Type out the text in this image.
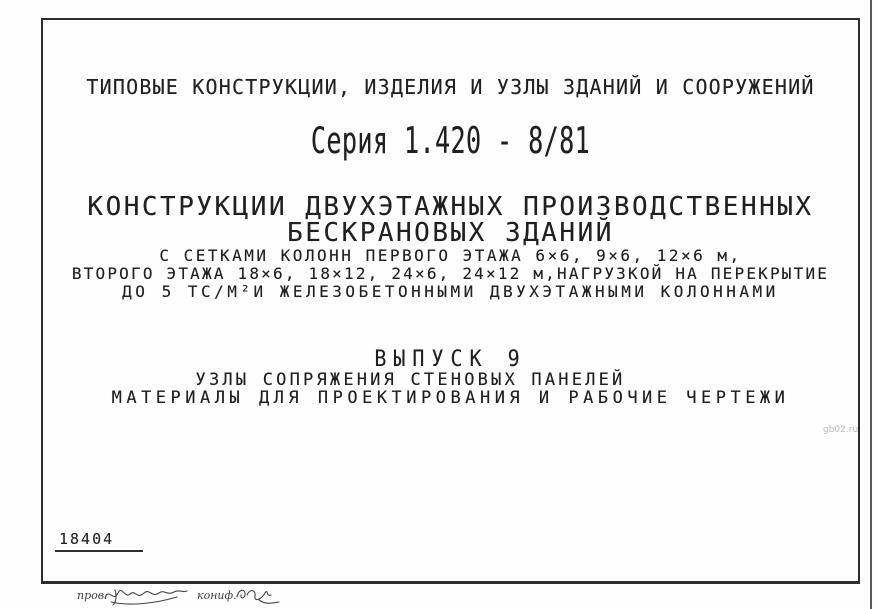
ТИПОВЫЕ КОНСТРУКЦИИ, ИЗДЕЛИЯ И УЗЛЫ ЗДАНИЙ И СООРУЖЕНИЙ
Серия 1.420 - 8/81
КОНСТРУКЦИИ ДВУХЭТАЖНЫХ ПРОИЗВОДСТВЕННЫХ
БЕСКРАНОВЫХ ЗДАНИЙ
С СЕТКАМИ КОЛОНН ПЕРВОГО ЭТАЖА 6×6, 9×6, 12×6 м,
ВТОРОГО ЭТАЖА 18×6, 18×12, 24×6, 24×12 м,НАГРУЗКОЙ НА ПЕРЕКРЫТИЕ
ДО 5 ТС/М²И ЖЕЛЕЗОБЕТОННЫМИ ДВУХЭТАЖНЫМИ КОЛОННАМИ
ВЫПУСК 9
УЗЛЫ СОПРЯЖЕНИЯ СТЕНОВЫХ ПАНЕЛЕЙ
МАТЕРИАЛЫ ДЛЯ ПРОЕКТИРОВАНИЯ И РАБОЧИЕ ЧЕРТЕЖИ
18404
gb02.ru
пров:	кониф.
